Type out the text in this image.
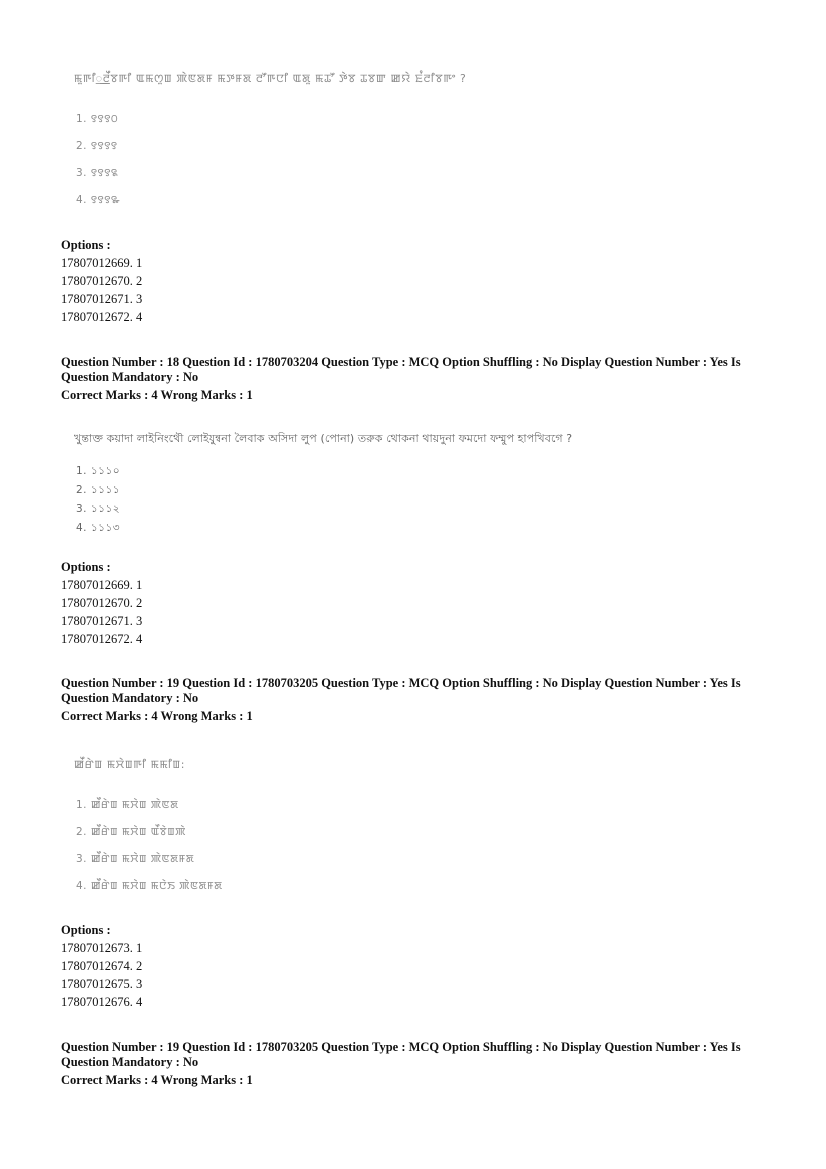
ꯃꯨꯒꯤ꯭ꯂꯩꯕꯒꯤ ꯑꯃꯁꯨꯡ ꯄꯥꯟꯗꯝ ꯃꯇꯝꯗ ꯂꯧꯒꯅꯤ ꯑꯗꯨ ꯃꯊꯧ ꯇꯥꯕ ꯊꯕꯛ ꯀꯌꯥ ꯐꯪꯂꯤꯕꯒꯦ ?
1. ꯱꯱꯱꯰
2. ꯱꯱꯱꯱
3. ꯱꯱꯱꯲
4. ꯱꯱꯱꯳
Options :
17807012669. 1
17807012670. 2
17807012671. 3
17807012672. 4
Question Number : 18 Question Id : 1780703204 Question Type : MCQ Option Shuffling : No Display Question Number : Yes Is
Question Mandatory : No
Correct Marks : 4 Wrong Marks : 1
খুন্তাক্ত কয়াদা লাইনিংথৌ লোইযুন্বনা লৈবাক অসিদা লুপ (পোনা) তরুক থোকনা থায়দুনা ফমদো ফম্মুপ হাপখিবগে ?
1. ১১১০
2. ১১১১
3. ১১১২
4. ১১১৩
Options :
17807012669. 1
17807012670. 2
17807012671. 3
17807012672. 4
Question Number : 19 Question Id : 1780703205 Question Type : MCQ Option Shuffling : No Display Question Number : Yes Is
Question Mandatory : No
Correct Marks : 4 Wrong Marks : 1
ꯀꯩꯔꯥꯡ ꯃꯆꯥꯡꯒꯤ ꯃꯃꯤꯡ:
1. ꯀꯩꯔꯥꯡ ꯃꯆꯥꯡ ꯄꯥꯟꯗ
2. ꯀꯩꯔꯥꯡ ꯃꯆꯥꯡ ꯑꯩꯕꯥꯡꯄꯥ
3. ꯀꯩꯔꯥꯡ ꯃꯆꯥꯡ ꯄꯥꯟꯗꯝꯗ
4. ꯀꯩꯔꯥꯡ ꯃꯆꯥꯡ ꯃꯅꯥꯏ ꯄꯥꯟꯗꯝꯗ
Options :
17807012673. 1
17807012674. 2
17807012675. 3
17807012676. 4
Question Number : 19 Question Id : 1780703205 Question Type : MCQ Option Shuffling : No Display Question Number : Yes Is
Question Mandatory : No
Correct Marks : 4 Wrong Marks : 1
